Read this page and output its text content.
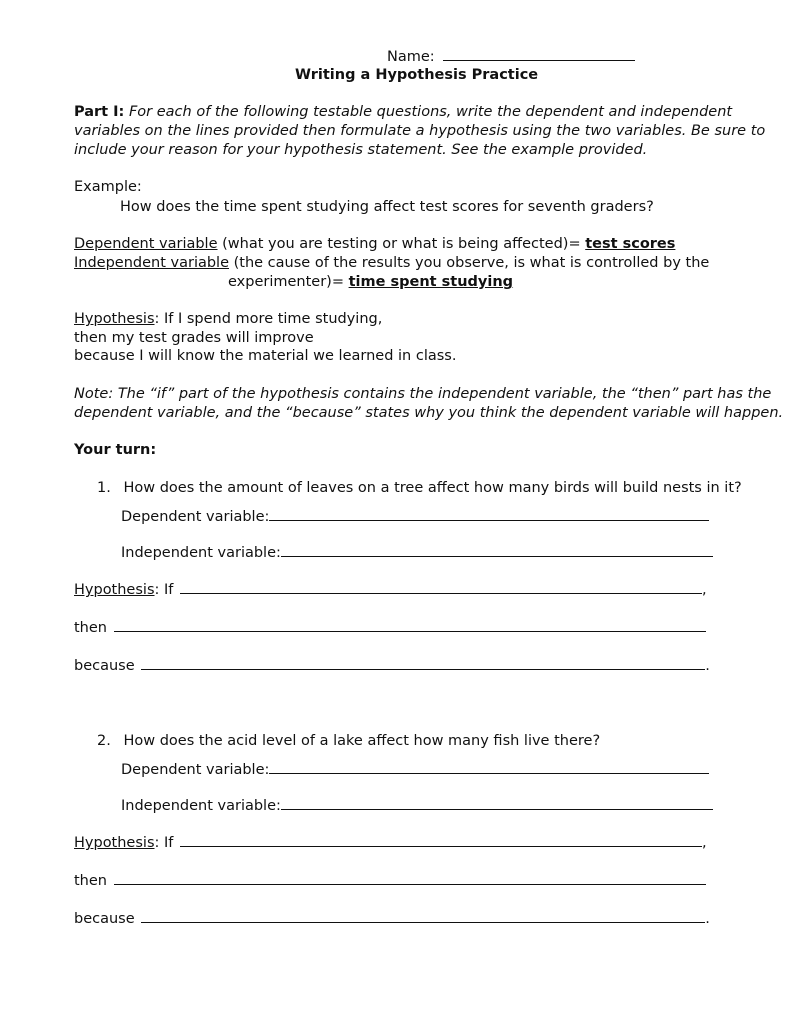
Name:
Writing a Hypothesis Practice
Part I: For each of the following testable questions, write the dependent and independent
variables on the lines provided then formulate a hypothesis using the two variables. Be sure to
include your reason for your hypothesis statement. See the example provided.
Example:
How does the time spent studying affect test scores for seventh graders?
Dependent variable (what you are testing or what is being affected)= test scores
Independent variable (the cause of the results you observe, is what is controlled by the
experimenter)= time spent studying
Hypothesis: If I spend more time studying,
then my test grades will improve
because I will know the material we learned in class.
Note: The “if” part of the hypothesis contains the independent variable, the “then” part has the
dependent variable, and the “because” states why you think the dependent variable will happen.
Your turn:
1. How does the amount of leaves on a tree affect how many birds will build nests in it?
Dependent variable:
Independent variable:
Hypothesis: If	,
then
because	.
2. How does the acid level of a lake affect how many fish live there?
Dependent variable:
Independent variable:
Hypothesis: If	,
then
because	.
